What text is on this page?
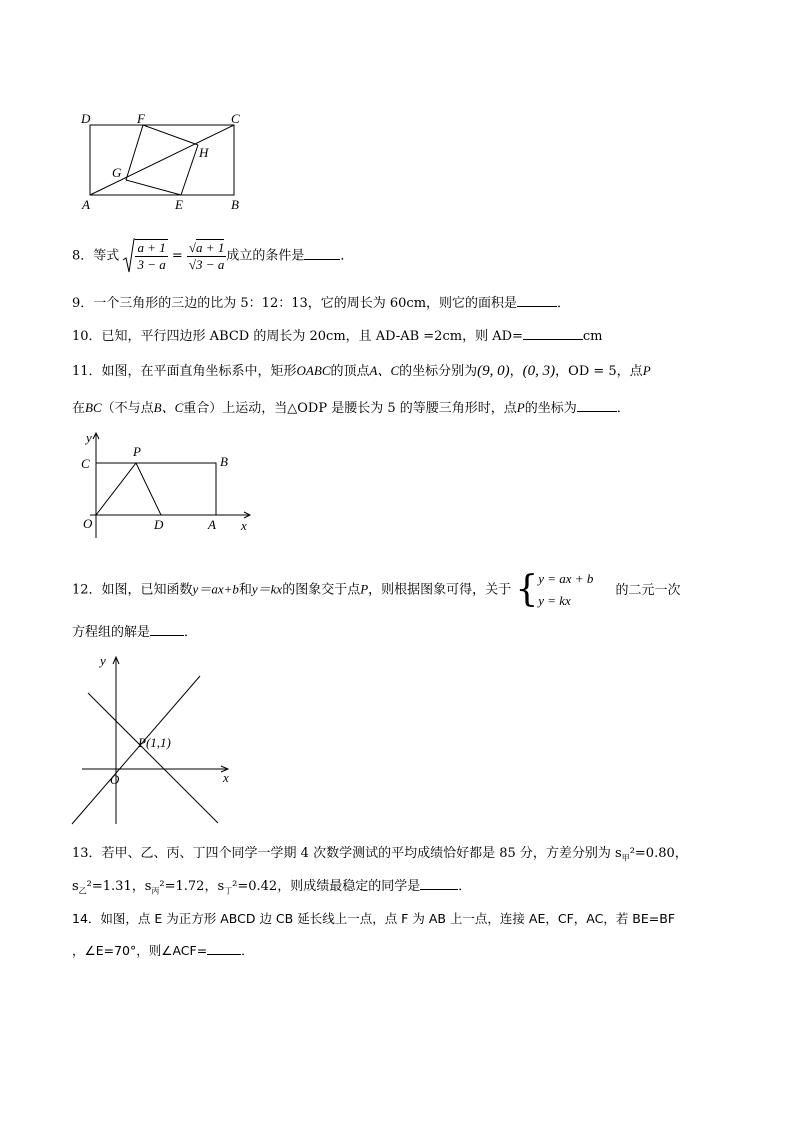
D	F	C
G
H
A	E	B
8．等式 $\frac{a + 1}{3 - a} = \frac{√a + 1}{√3 - a}$ 成立的条件是	．
9．一个三角形的三边的比为 5：12：13，它的周长为 60cm，则它的面积是	．
10．已知，平行四边形 ABCD 的周长为 20cm，且 AD-AB =2cm，则 AD=	cm
11．如图，在平面直角坐标系中，矩形OABC的顶点A、C的坐标分别为(9, 0)，(0, 3)，OD = 5，点P
在BC（不与点B、C重合）上运动，当△ODP 是腰长为 5 的等腰三角形时，点P的坐标为	．
y
C
P
B
O	D	A x
12．如图，已知函数y＝ax+b和y＝kx的图象交于点P，则根据图象可得，关于 { y = ax + b
y = kx
的二元一次
方程组的解是	．
y
P(1,1)
O	x
13．若甲、乙、丙、丁四个同学一学期 4 次数学测试的平均成绩恰好都是 85 分，方差分别为 $s_甲^2=0.80$，
$s_乙^2=1.31$，$s_丙^2=1.72$，$s_丁^2=0.42$，则成绩最稳定的同学是	．
14．如图，点 E 为正方形 ABCD 边 CB 延长线上一点，点 F 为 AB 上一点，连接 AE，CF，AC，若 BE=BF
，∠E=70°，则∠ACF=	．
